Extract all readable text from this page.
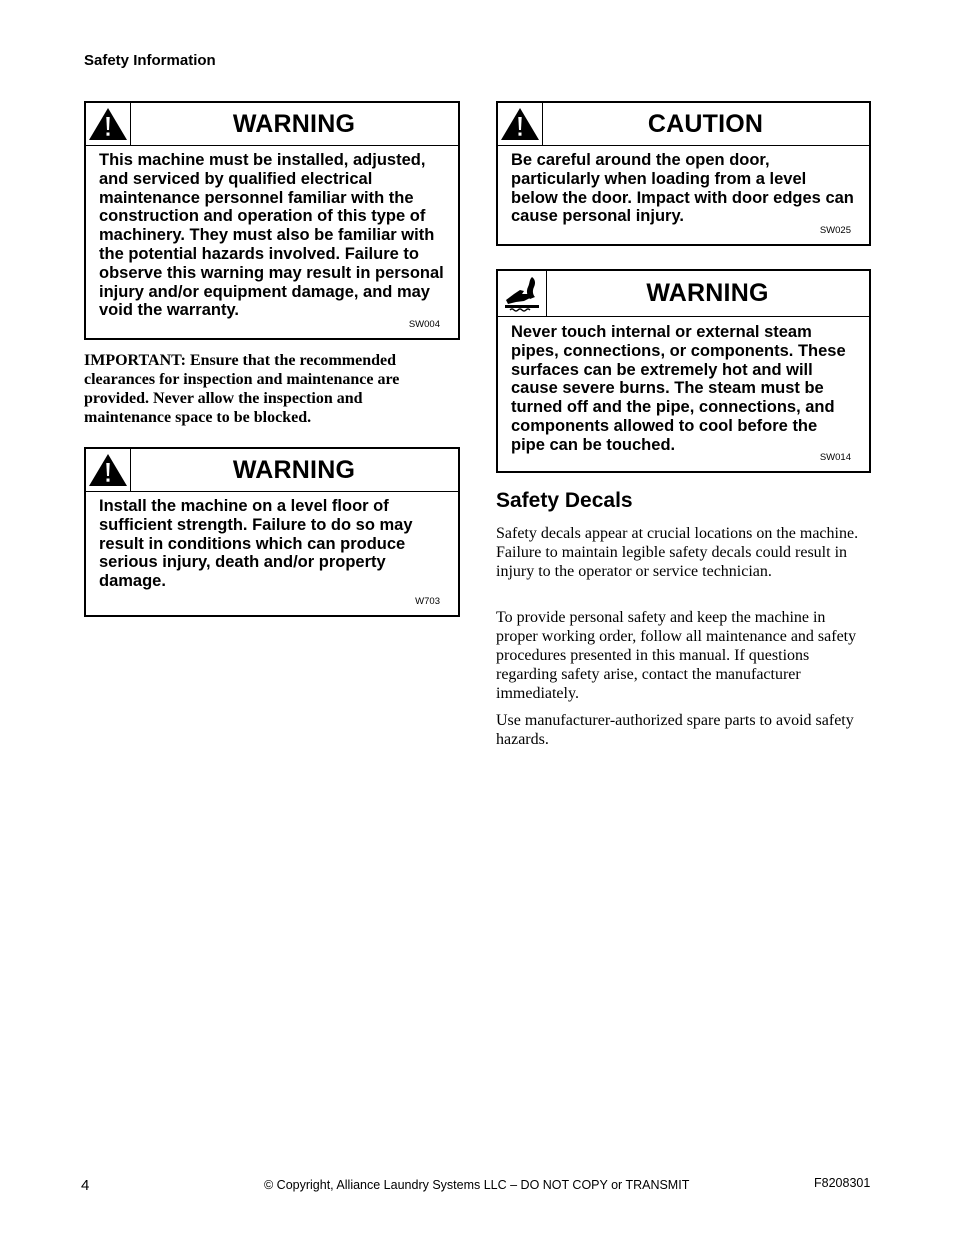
Safety Information
WARNING
This machine must be installed, adjusted, and serviced by qualified electrical maintenance personnel familiar with the construction and operation of this type of machinery. They must also be familiar with the potential hazards involved. Failure to observe this warning may result in personal injury and/or equipment damage, and may void the warranty.
SW004
IMPORTANT: Ensure that the recommended clearances for inspection and maintenance are provided. Never allow the inspection and maintenance space to be blocked.
WARNING
Install the machine on a level floor of sufficient strength. Failure to do so may result in conditions which can produce serious injury, death and/or property damage.
W703
CAUTION
Be careful around the open door, particularly when loading from a level below the door. Impact with door edges can cause personal injury.
SW025
WARNING
Never touch internal or external steam pipes, connections, or components. These surfaces can be extremely hot and will cause severe burns. The steam must be turned off and the pipe, connections, and components allowed to cool before the pipe can be touched.
SW014
Safety Decals

Safety decals appear at crucial locations on the machine. Failure to maintain legible safety decals could result in injury to the operator or service technician.

To provide personal safety and keep the machine in proper working order, follow all maintenance and safety procedures presented in this manual. If questions regarding safety arise, contact the manufacturer immediately.

Use manufacturer-authorized spare parts to avoid safety hazards.

4	© Copyright, Alliance Laundry Systems LLC – DO NOT COPY or TRANSMIT	F8208301
